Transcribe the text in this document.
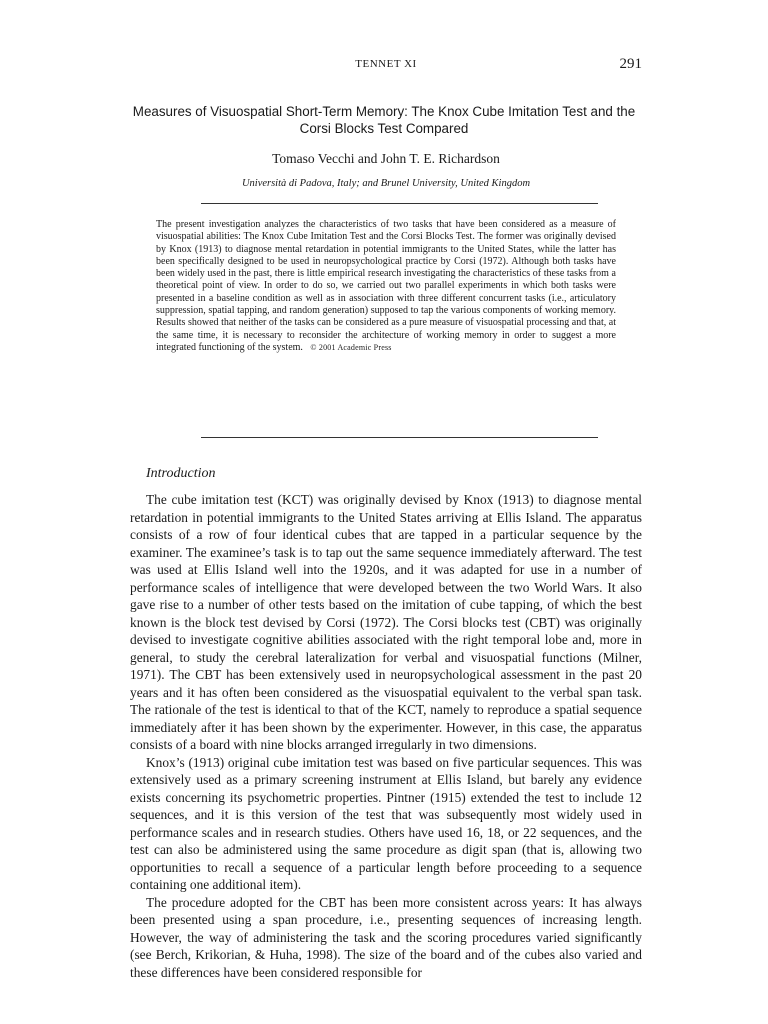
TENNET XI	291
Measures of Visuospatial Short-Term Memory: The Knox Cube Imitation Test and the Corsi Blocks Test Compared
Tomaso Vecchi and John T. E. Richardson
Università di Padova, Italy; and Brunel University, United Kingdom
The present investigation analyzes the characteristics of two tasks that have been considered as a measure of visuospatial abilities: The Knox Cube Imitation Test and the Corsi Blocks Test. The former was originally devised by Knox (1913) to diagnose mental retardation in potential immigrants to the United States, while the latter has been specifically designed to be used in neuropsychological practice by Corsi (1972). Although both tasks have been widely used in the past, there is little empirical research investigating the characteristics of these tasks from a theoretical point of view. In order to do so, we carried out two parallel experiments in which both tasks were presented in a baseline condition as well as in association with three different concurrent tasks (i.e., articulatory suppression, spatial tapping, and random generation) supposed to tap the various components of working memory. Results showed that neither of the tasks can be considered as a pure measure of visuospatial processing and that, at the same time, it is necessary to reconsider the architecture of working memory in order to suggest a more integrated functioning of the system. © 2001 Academic Press
Introduction

The cube imitation test (KCT) was originally devised by Knox (1913) to diagnose mental retardation in potential immigrants to the United States arriving at Ellis Island. The apparatus consists of a row of four identical cubes that are tapped in a particular sequence by the examiner. The examinee’s task is to tap out the same sequence immediately afterward. The test was used at Ellis Island well into the 1920s, and it was adapted for use in a number of performance scales of intelligence that were developed between the two World Wars. It also gave rise to a number of other tests based on the imitation of cube tapping, of which the best known is the block test devised by Corsi (1972). The Corsi blocks test (CBT) was originally devised to investigate cognitive abilities associated with the right temporal lobe and, more in general, to study the cerebral lateralization for verbal and visuospatial functions (Milner, 1971). The CBT has been extensively used in neuropsychological assessment in the past 20 years and it has often been considered as the visuospatial equivalent to the verbal span task. The rationale of the test is identical to that of the KCT, namely to reproduce a spatial sequence immediately after it has been shown by the experimenter. However, in this case, the apparatus consists of a board with nine blocks arranged irregularly in two dimensions.

Knox’s (1913) original cube imitation test was based on five particular sequences. This was extensively used as a primary screening instrument at Ellis Island, but barely any evidence exists concerning its psychometric properties. Pintner (1915) extended the test to include 12 sequences, and it is this version of the test that was subsequently most widely used in performance scales and in research studies. Others have used 16, 18, or 22 sequences, and the test can also be administered using the same procedure as digit span (that is, allowing two opportunities to recall a sequence of a particular length before proceeding to a sequence containing one additional item).

The procedure adopted for the CBT has been more consistent across years: It has always been presented using a span procedure, i.e., presenting sequences of increasing length. However, the way of administering the task and the scoring procedures varied significantly (see Berch, Krikorian, & Huha, 1998). The size of the board and of the cubes also varied and these differences have been considered responsible for
